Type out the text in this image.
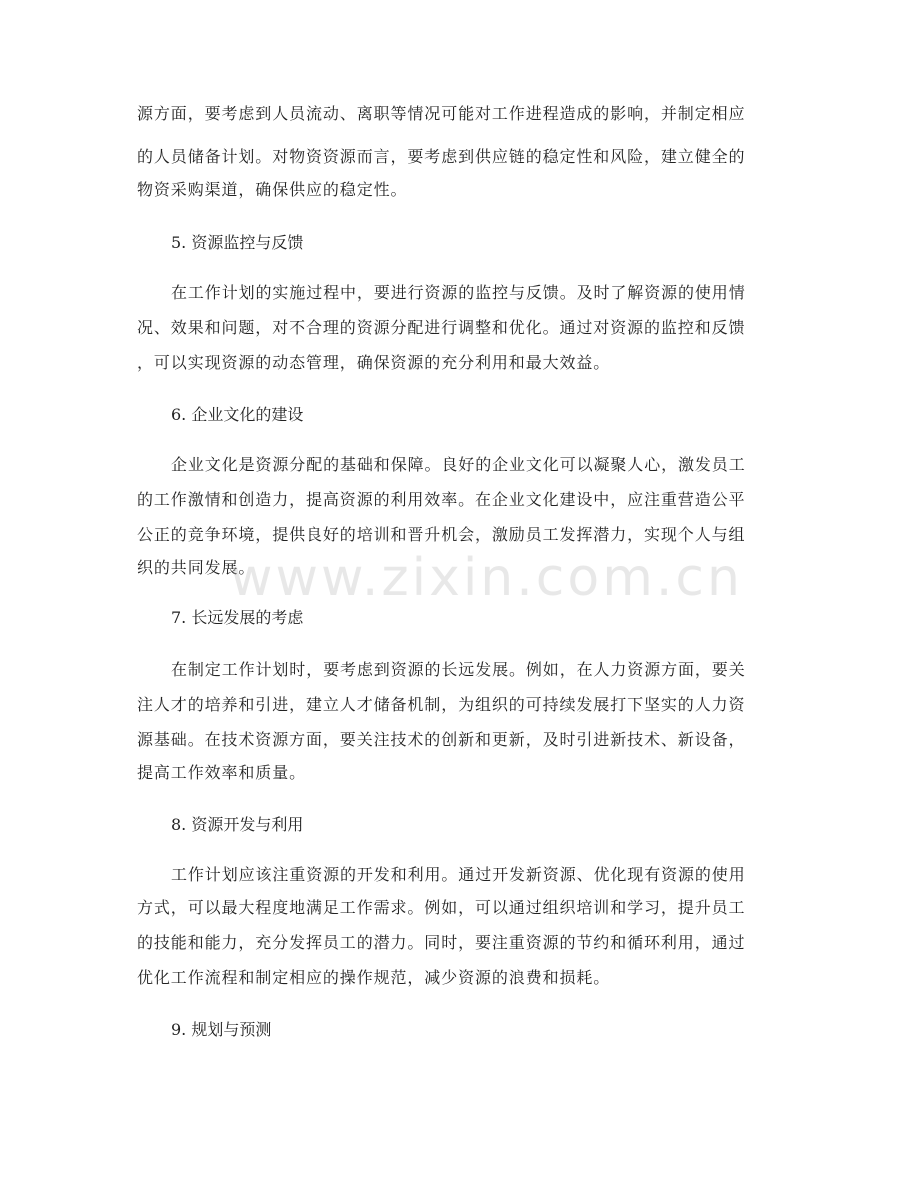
源方面，要考虑到人员流动、离职等情况可能对工作进程造成的影响，并制定相应
的人员储备计划。对物资资源而言，要考虑到供应链的稳定性和风险，建立健全的
物资采购渠道，确保供应的稳定性。
5. 资源监控与反馈
在工作计划的实施过程中，要进行资源的监控与反馈。及时了解资源的使用情
况、效果和问题，对不合理的资源分配进行调整和优化。通过对资源的监控和反馈
，可以实现资源的动态管理，确保资源的充分利用和最大效益。
6. 企业文化的建设
企业文化是资源分配的基础和保障。良好的企业文化可以凝聚人心，激发员工
的工作激情和创造力，提高资源的利用效率。在企业文化建设中，应注重营造公平
公正的竞争环境，提供良好的培训和晋升机会，激励员工发挥潜力，实现个人与组
织的共同发展。
7. 长远发展的考虑
在制定工作计划时，要考虑到资源的长远发展。例如，在人力资源方面，要关
注人才的培养和引进，建立人才储备机制，为组织的可持续发展打下坚实的人力资
源基础。在技术资源方面，要关注技术的创新和更新，及时引进新技术、新设备，
提高工作效率和质量。
8. 资源开发与利用
工作计划应该注重资源的开发和利用。通过开发新资源、优化现有资源的使用
方式，可以最大程度地满足工作需求。例如，可以通过组织培训和学习，提升员工
的技能和能力，充分发挥员工的潜力。同时，要注重资源的节约和循环利用，通过
优化工作流程和制定相应的操作规范，减少资源的浪费和损耗。
9. 规划与预测
www.zixin.com.cn
